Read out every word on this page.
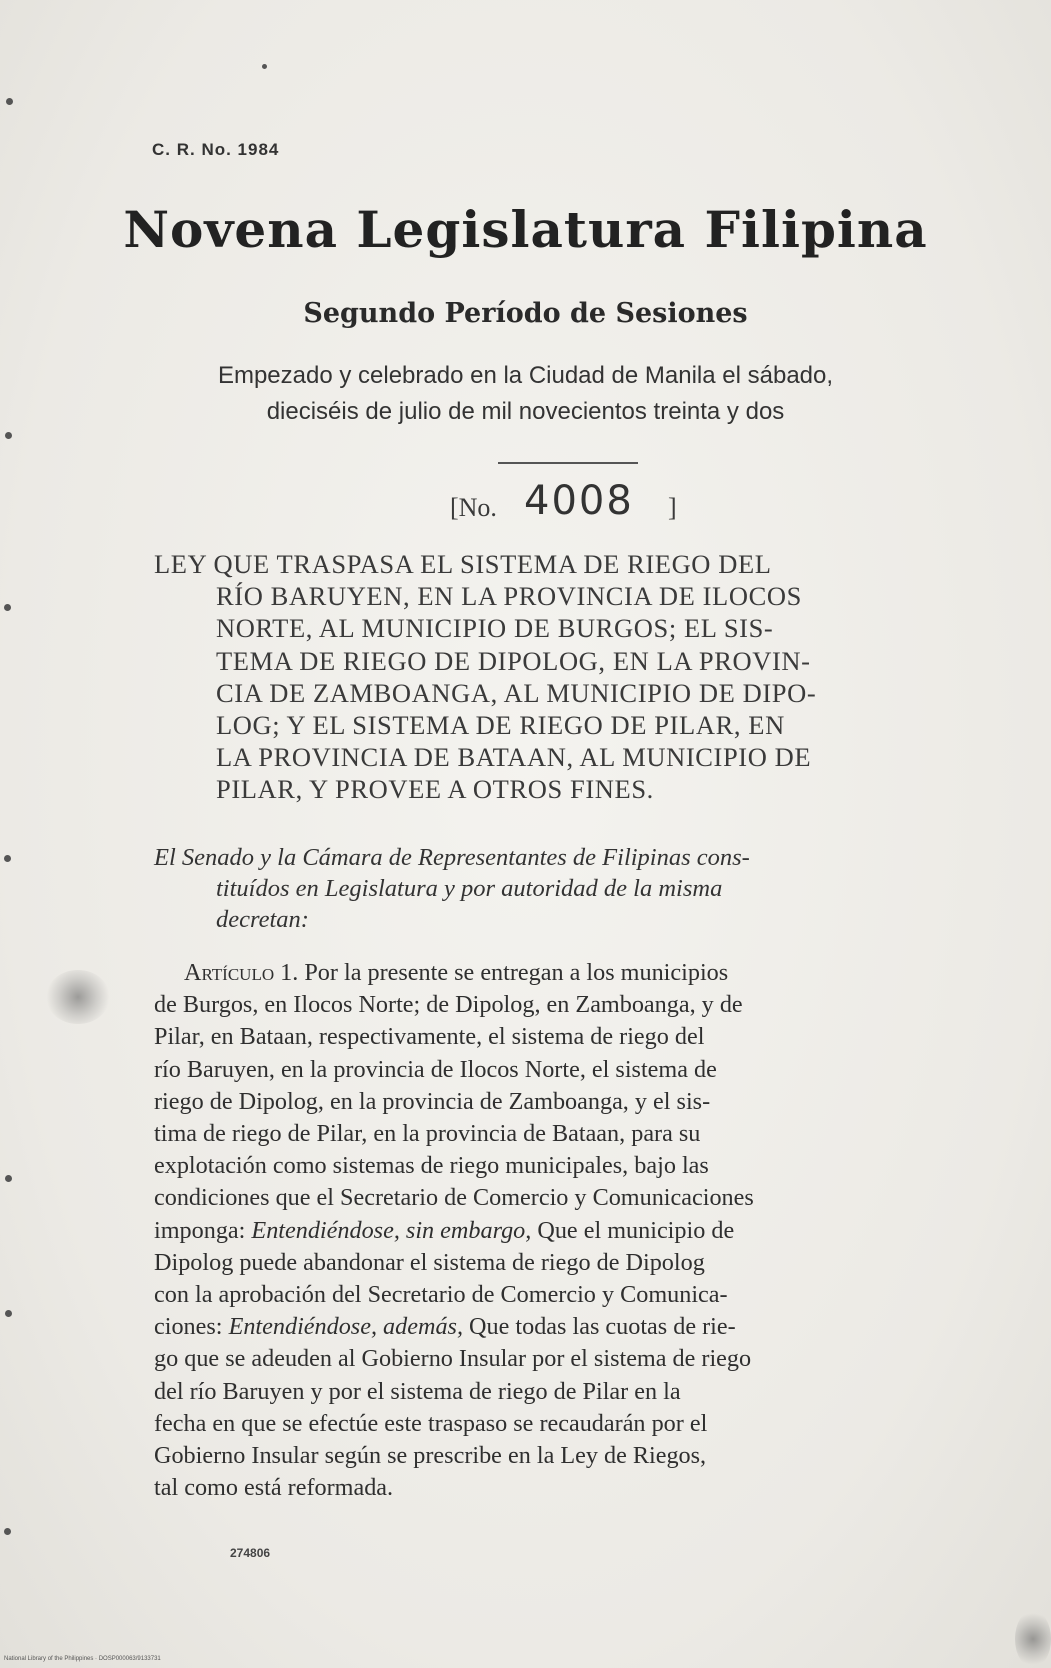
C. R. No. 1984
Novena Legislatura Filipina
Segundo Período de Sesiones
Empezado y celebrado en la Ciudad de Manila el sábado,
dieciséis de julio de mil novecientos treinta y dos
[No. 4008 ]
LEY QUE TRASPASA EL SISTEMA DE RIEGO DEL
RÍO BARUYEN, EN LA PROVINCIA DE ILOCOS
NORTE, AL MUNICIPIO DE BURGOS; EL SIS-
TEMA DE RIEGO DE DIPOLOG, EN LA PROVIN-
CIA DE ZAMBOANGA, AL MUNICIPIO DE DIPO-
LOG; Y EL SISTEMA DE RIEGO DE PILAR, EN
LA PROVINCIA DE BATAAN, AL MUNICIPIO DE
PILAR, Y PROVEE A OTROS FINES.
El Senado y la Cámara de Representantes de Filipinas cons-
tituídos en Legislatura y por autoridad de la misma
decretan:
Artículo 1. Por la presente se entregan a los municipios
de Burgos, en Ilocos Norte; de Dipolog, en Zamboanga, y de
Pilar, en Bataan, respectivamente, el sistema de riego del
río Baruyen, en la provincia de Ilocos Norte, el sistema de
riego de Dipolog, en la provincia de Zamboanga, y el sis-
tima de riego de Pilar, en la provincia de Bataan, para su
explotación como sistemas de riego municipales, bajo las
condiciones que el Secretario de Comercio y Comunicaciones
imponga: Entendiéndose, sin embargo, Que el municipio de
Dipolog puede abandonar el sistema de riego de Dipolog
con la aprobación del Secretario de Comercio y Comunica-
ciones: Entendiéndose, además, Que todas las cuotas de rie-
go que se adeuden al Gobierno Insular por el sistema de riego
del río Baruyen y por el sistema de riego de Pilar en la
fecha en que se efectúe este traspaso se recaudarán por el
Gobierno Insular según se prescribe en la Ley de Riegos,
tal como está reformada.
274806
National Library of the Philippines · DOSP000063/9133731
